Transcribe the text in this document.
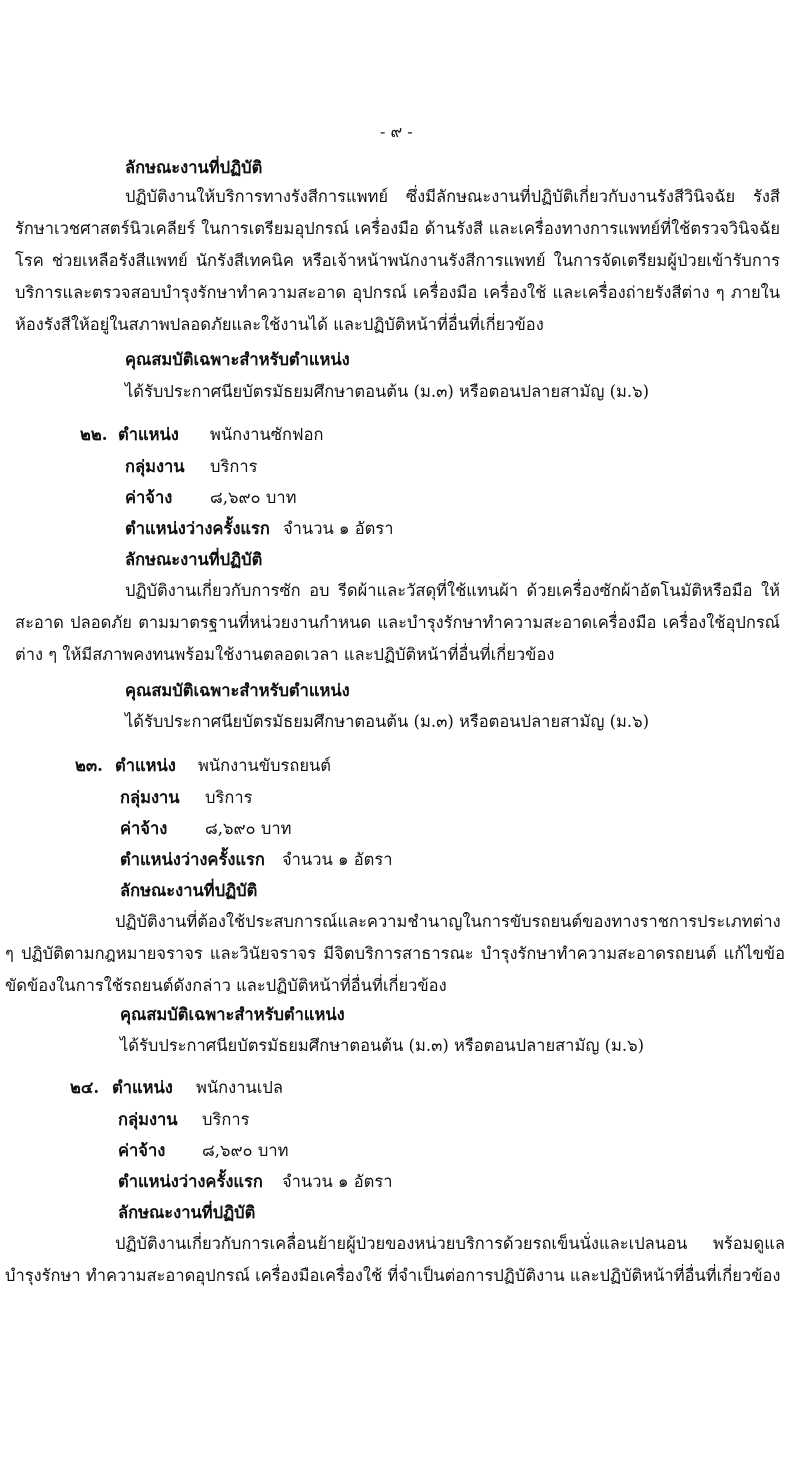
- ๙ -
ลักษณะงานที่ปฏิบัติ
ปฏิบัติงานให้บริการทางรังสีการแพทย์ ซึ่งมีลักษณะงานที่ปฏิบัติเกี่ยวกับงานรังสีวินิจฉัย รังสีรักษาเวชศาสตร์นิวเคลียร์ ในการเตรียมอุปกรณ์ เครื่องมือ ด้านรังสี และเครื่องทางการแพทย์ที่ใช้ตรวจวินิจฉัยโรค ช่วยเหลือรังสีแพทย์ นักรังสีเทคนิค หรือเจ้าหน้าพนักงานรังสีการแพทย์ ในการจัดเตรียมผู้ป่วยเข้ารับการบริการและตรวจสอบบำรุงรักษาทำความสะอาด อุปกรณ์ เครื่องมือ เครื่องใช้ และเครื่องถ่ายรังสีต่าง ๆ ภายในห้องรังสีให้อยู่ในสภาพปลอดภัยและใช้งานได้ และปฏิบัติหน้าที่อื่นที่เกี่ยวข้อง
คุณสมบัติเฉพาะสำหรับตำแหน่ง
ได้รับประกาศนียบัตรมัธยมศึกษาตอนต้น (ม.๓) หรือตอนปลายสามัญ (ม.๖)
๒๒. ตำแหน่ง พนักงานซักฟอก
กลุ่มงาน บริการ
ค่าจ้าง ๘,๖๙๐ บาท
ตำแหน่งว่างครั้งแรก จำนวน ๑ อัตรา
ลักษณะงานที่ปฏิบัติ
ปฏิบัติงานเกี่ยวกับการซัก อบ รีดผ้าและวัสดุที่ใช้แทนผ้า ด้วยเครื่องซักผ้าอัตโนมัติหรือมือ ให้สะอาด ปลอดภัย ตามมาตรฐานที่หน่วยงานกำหนด และบำรุงรักษาทำความสะอาดเครื่องมือ เครื่องใช้อุปกรณ์ต่าง ๆ ให้มีสภาพคงทนพร้อมใช้งานตลอดเวลา และปฏิบัติหน้าที่อื่นที่เกี่ยวข้อง
คุณสมบัติเฉพาะสำหรับตำแหน่ง
ได้รับประกาศนียบัตรมัธยมศึกษาตอนต้น (ม.๓) หรือตอนปลายสามัญ (ม.๖)
๒๓. ตำแหน่ง พนักงานขับรถยนต์
กลุ่มงาน บริการ
ค่าจ้าง ๘,๖๙๐ บาท
ตำแหน่งว่างครั้งแรก จำนวน ๑ อัตรา
ลักษณะงานที่ปฏิบัติ
ปฏิบัติงานที่ต้องใช้ประสบการณ์และความชำนาญในการขับรถยนต์ของทางราชการประเภทต่าง ๆ ปฏิบัติตามกฎหมายจราจร และวินัยจราจร มีจิตบริการสาธารณะ บำรุงรักษาทำความสะอาดรถยนต์ แก้ไขข้อขัดข้องในการใช้รถยนต์ดังกล่าว และปฏิบัติหน้าที่อื่นที่เกี่ยวข้อง
คุณสมบัติเฉพาะสำหรับตำแหน่ง
ได้รับประกาศนียบัตรมัธยมศึกษาตอนต้น (ม.๓) หรือตอนปลายสามัญ (ม.๖)
๒๔. ตำแหน่ง พนักงานเปล
กลุ่มงาน บริการ
ค่าจ้าง ๘,๖๙๐ บาท
ตำแหน่งว่างครั้งแรก จำนวน ๑ อัตรา
ลักษณะงานที่ปฏิบัติ
ปฏิบัติงานเกี่ยวกับการเคลื่อนย้ายผู้ป่วยของหน่วยบริการด้วยรถเข็นนั่งและเปลนอน พร้อมดูแลบำรุงรักษา ทำความสะอาดอุปกรณ์ เครื่องมือเครื่องใช้ ที่จำเป็นต่อการปฏิบัติงาน และปฏิบัติหน้าที่อื่นที่เกี่ยวข้อง
